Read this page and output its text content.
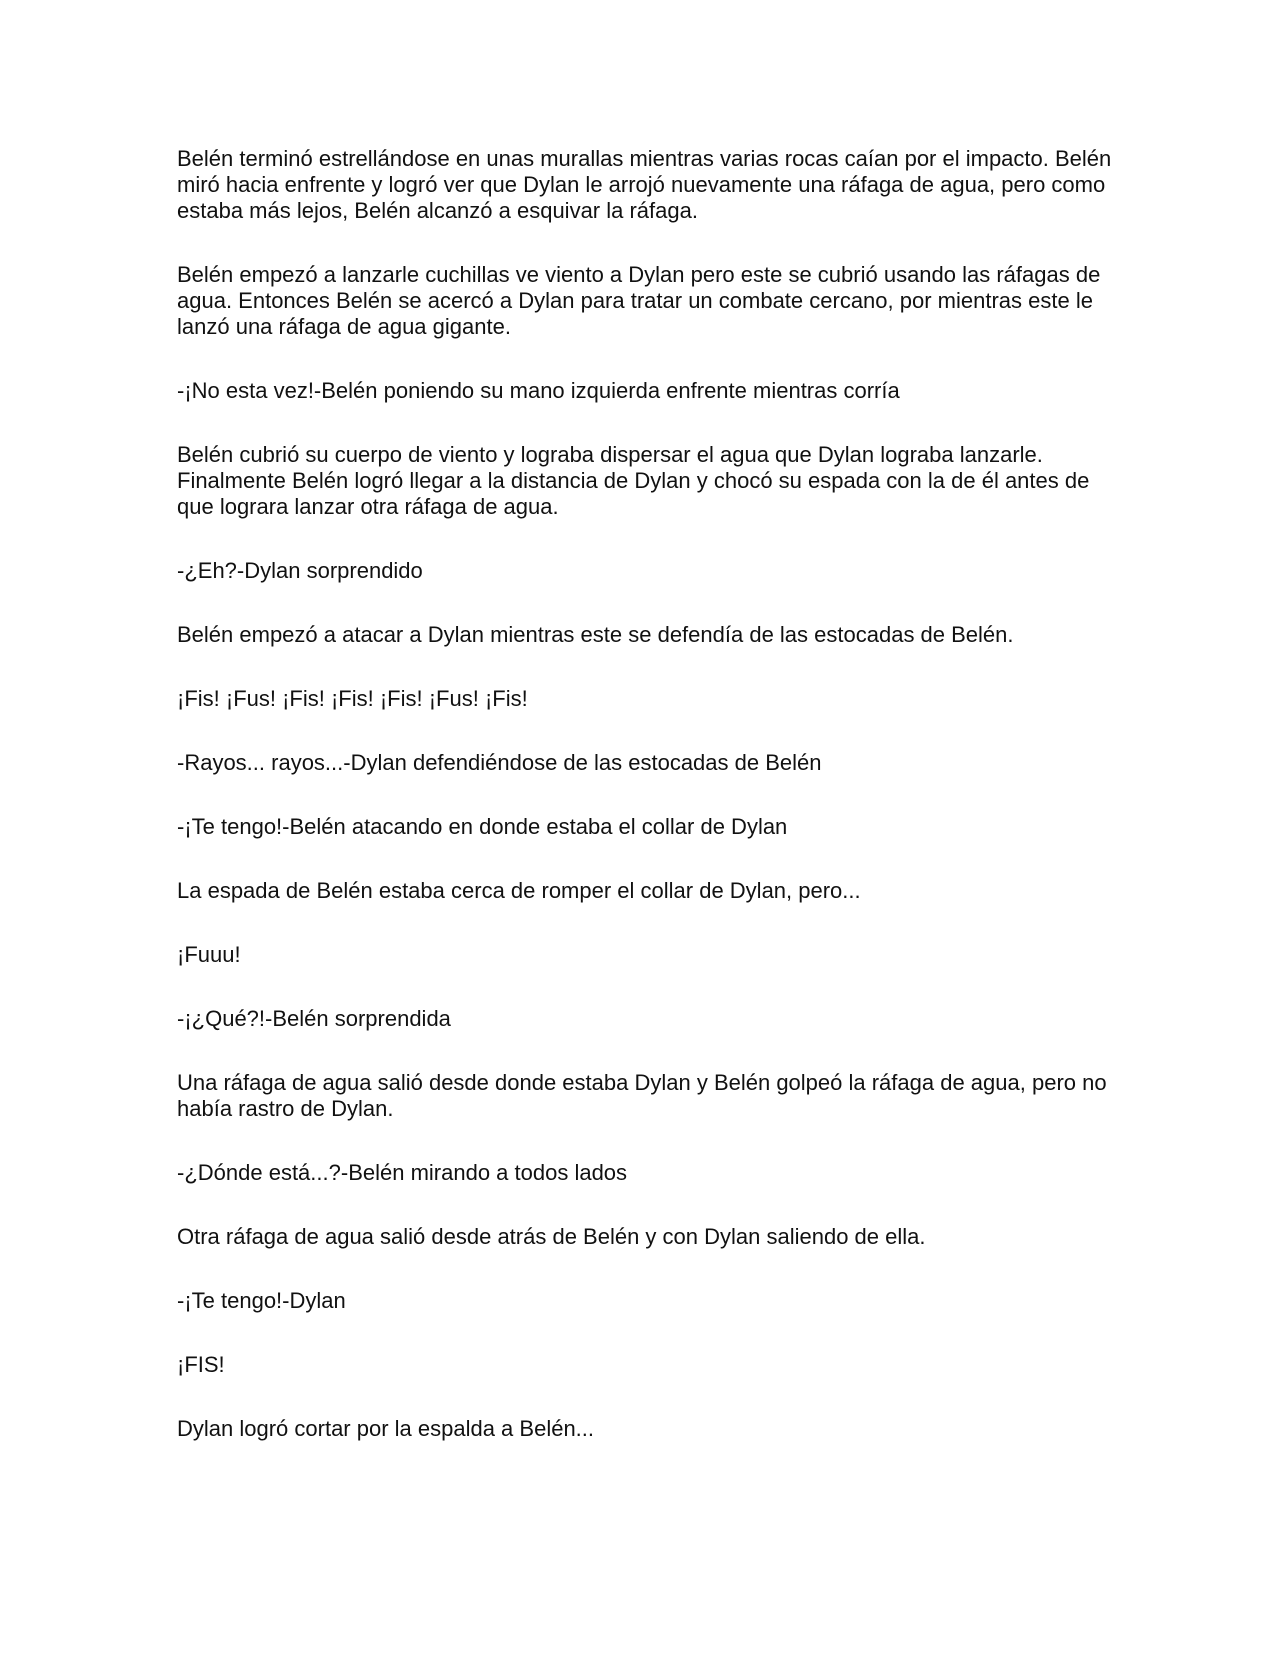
Belén terminó estrellándose en unas murallas mientras varias rocas caían por el impacto. Belén miró hacia enfrente y logró ver que Dylan le arrojó nuevamente una ráfaga de agua, pero como estaba más lejos, Belén alcanzó a esquivar la ráfaga.

Belén empezó a lanzarle cuchillas ve viento a Dylan pero este se cubrió usando las ráfagas de agua. Entonces Belén se acercó a Dylan para tratar un combate cercano, por mientras este le lanzó una ráfaga de agua gigante.

-¡No esta vez!-Belén poniendo su mano izquierda enfrente mientras corría

Belén cubrió su cuerpo de viento y lograba dispersar el agua que Dylan lograba lanzarle. Finalmente Belén logró llegar a la distancia de Dylan y chocó su espada con la de él antes de que lograra lanzar otra ráfaga de agua.

-¿Eh?-Dylan sorprendido

Belén empezó a atacar a Dylan mientras este se defendía de las estocadas de Belén.

¡Fis! ¡Fus! ¡Fis! ¡Fis! ¡Fis! ¡Fus! ¡Fis!

-Rayos... rayos...-Dylan defendiéndose de las estocadas de Belén

-¡Te tengo!-Belén atacando en donde estaba el collar de Dylan

La espada de Belén estaba cerca de romper el collar de Dylan, pero...

¡Fuuu!

-¡¿Qué?!-Belén sorprendida

Una ráfaga de agua salió desde donde estaba Dylan y Belén golpeó la ráfaga de agua, pero no había rastro de Dylan.

-¿Dónde está...?-Belén mirando a todos lados

Otra ráfaga de agua salió desde atrás de Belén y con Dylan saliendo de ella.

-¡Te tengo!-Dylan

¡FIS!

Dylan logró cortar por la espalda a Belén...
